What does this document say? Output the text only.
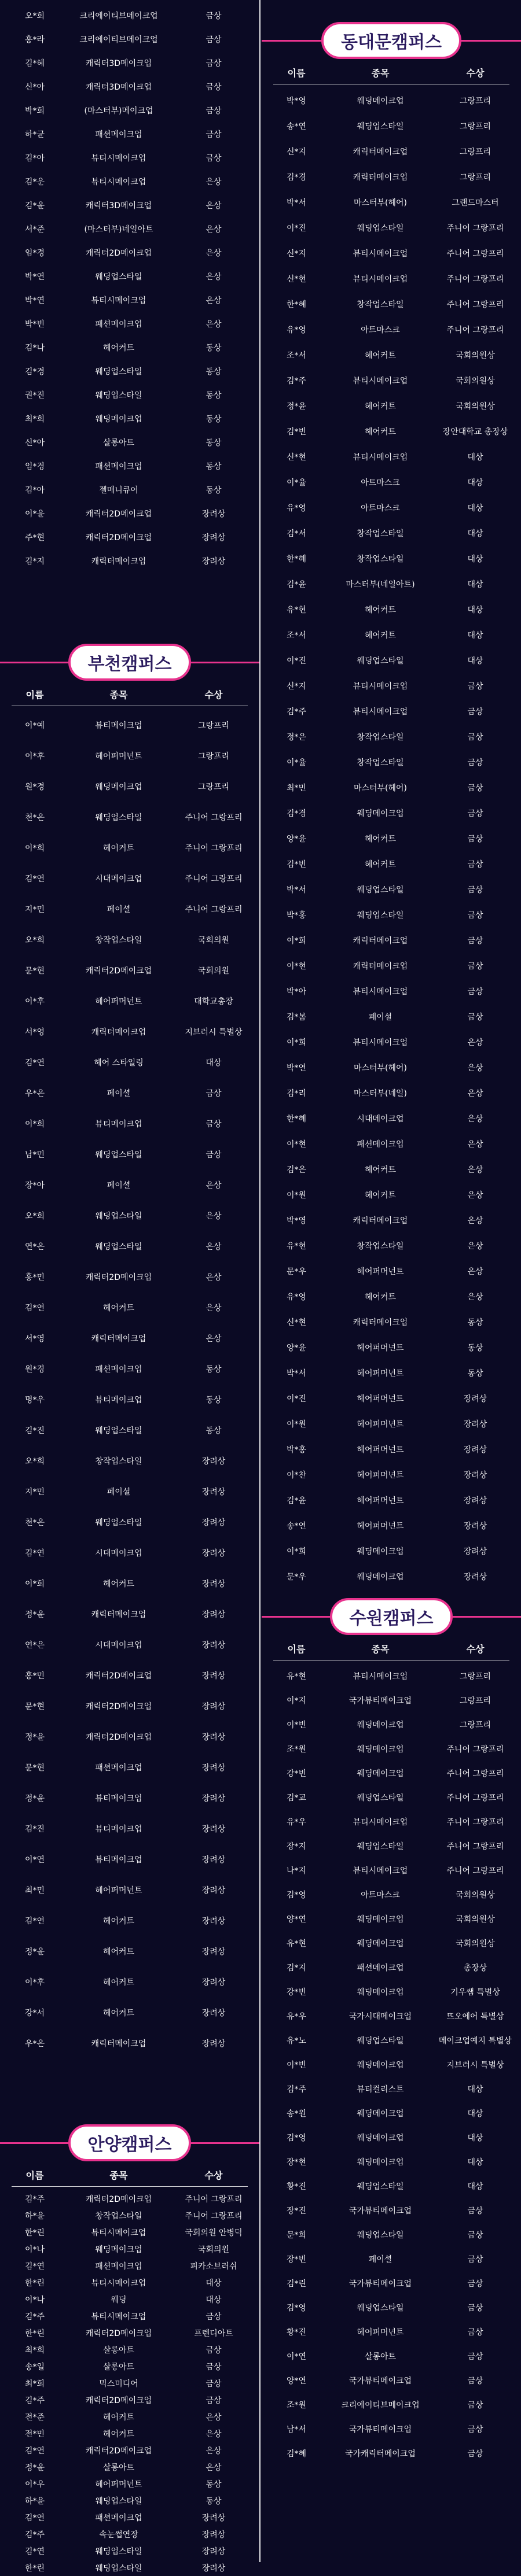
오*희	크리에이티브메이크업	금상
홍*라	크리에이티브메이크업	금상
김*혜	캐릭터3D메이크업	금상
신*아	캐릭터3D메이크업	금상
박*희	(마스터부)메이크업	금상
하*균	패션메이크업	금상
김*아	뷰티시메이크업	금상
김*운	뷰티시메이크업	은상
김*윤	캐릭터3D메이크업	은상
서*준	(마스터부)네일아트	은상
임*경	캐릭터2D메이크업	은상
박*연	웨딩업스타일	은상
박*연	뷰티시메이크업	은상
박*빈	패션메이크업	은상
김*나	헤어커트	동상
김*경	웨딩업스타일	동상
권*진	웨딩업스타일	동상
최*희	웨딩메이크업	동상
신*아	살롱아트	동상
임*경	패션메이크업	동상
김*아	젤매니큐어	동상
이*윤	캐릭터2D메이크업	장려상
주*현	캐릭터2D메이크업	장려상
김*지	캐릭터메이크업	장려상
부천캠퍼스
이름	종목	수상
이*예	뷰티메이크업	그랑프리
이*후	헤어퍼머넌트	그랑프리
원*경	웨딩메이크업	그랑프리
천*은	웨딩업스타일	주니어 그랑프리
이*희	헤어커트	주니어 그랑프리
김*연	시대메이크업	주니어 그랑프리
지*민	페이셜	주니어 그랑프리
오*희	창작업스타일	국회의원
문*현	캐릭터2D메이크업	국회의원
이*후	헤어퍼머넌트	대학교총장
서*영	캐릭터메이크업	지브러시 특별상
김*연	헤어 스타일링	대상
우*은	페이셜	금상
이*희	뷰티메이크업	금상
남*민	웨딩업스타일	금상
장*아	페이셜	은상
오*희	웨딩업스타일	은상
연*은	웨딩업스타일	은상
홍*민	캐릭터2D메이크업	은상
김*연	헤어커트	은상
서*영	캐릭터메이크업	은상
원*경	패션메이크업	동상
명*우	뷰티메이크업	동상
김*진	웨딩업스타일	동상
오*희	창작업스타일	장려상
지*민	페이셜	장려상
천*은	웨딩업스타일	장려상
김*연	시대메이크업	장려상
이*희	헤어커트	장려상
정*윤	캐릭터메이크업	장려상
연*은	시대메이크업	장려상
홍*민	캐릭터2D메이크업	장려상
문*현	캐릭터2D메이크업	장려상
정*윤	캐릭터2D메이크업	장려상
문*현	패션메이크업	장려상
정*윤	뷰티메이크업	장려상
김*진	뷰티메이크업	장려상
이*연	뷰티메이크업	장려상
최*민	헤어퍼머넌트	장려상
김*연	헤어커트	장려상
정*윤	헤어커트	장려상
이*후	헤어커트	장려상
강*서	헤어커트	장려상
우*은	캐릭터메이크업	장려상
안양캠퍼스
이름	종목	수상
김*주	캐릭터2D메이크업	주니어 그랑프리
하*윤	창작업스타일	주니어 그랑프리
한*린	뷰티시메이크업	국회의원 안병덕
이*나	웨딩메이크업	국회의원
김*연	패션메이크업	피카소브러쉬
한*린	뷰티시메이크업	대상
이*나	웨딩	대상
김*주	뷰티시메이크업	금상
한*린	캐릭터2D메이크업	프렌디아트
최*희	살롱아트	금상
송*일	살롱아트	금상
최*희	믹스미디어	금상
김*주	캐릭터2D메이크업	금상
전*준	헤어커트	은상
전*민	헤어커트	은상
김*연	캐릭터2D메이크업	은상
정*윤	살롱아트	은상
이*우	헤어퍼머넌트	동상
하*윤	웨딩업스타일	동상
김*연	패션메이크업	장려상
김*주	속눈썹연장	장려상
김*연	웨딩업스타일	장려상
한*린	웨딩업스타일	장려상
동대문캠퍼스
이름	종목	수상
박*영	웨딩메이크업	그랑프리
송*연	웨딩업스타일	그랑프리
신*지	캐릭터메이크업	그랑프리
김*경	캐릭터메이크업	그랑프리
박*서	마스터부(헤어)	그랜드마스터
이*진	웨딩업스타일	주니어 그랑프리
신*지	뷰티시메이크업	주니어 그랑프리
신*현	뷰티시메이크업	주니어 그랑프리
한*혜	창작업스타일	주니어 그랑프리
유*영	아트마스크	주니어 그랑프리
조*서	헤어커트	국회의원상
김*주	뷰티시메이크업	국회의원상
정*윤	헤어커트	국회의원상
김*빈	헤어커트	장안대학교 총장상
신*현	뷰티시메이크업	대상
이*율	아트마스크	대상
유*영	아트마스크	대상
김*서	창작업스타일	대상
한*혜	창작업스타일	대상
김*윤	마스터부(네일아트)	대상
유*현	헤어커트	대상
조*서	헤어커트	대상
이*진	웨딩업스타일	대상
신*지	뷰티시메이크업	금상
김*주	뷰티시메이크업	금상
정*은	창작업스타일	금상
이*율	창작업스타일	금상
최*민	마스터부(헤어)	금상
김*경	웨딩메이크업	금상
양*윤	헤어커트	금상
김*빈	헤어커트	금상
박*서	웨딩업스타일	금상
박*홍	웨딩업스타일	금상
이*희	캐릭터메이크업	금상
이*현	캐릭터메이크업	금상
박*아	뷰티시메이크업	금상
김*봄	페이셜	금상
이*희	뷰티시메이크업	은상
박*연	마스터부(헤어)	은상
김*리	마스터부(네일)	은상
한*혜	시대메이크업	은상
이*현	패션메이크업	은상
김*은	헤어커트	은상
이*원	헤어커트	은상
박*영	캐릭터메이크업	은상
유*현	창작업스타일	은상
문*우	헤어퍼머넌트	은상
유*영	헤어커트	은상
신*현	캐릭터메이크업	동상
양*윤	헤어퍼머넌트	동상
박*서	헤어퍼머넌트	동상
이*진	헤어퍼머넌트	장려상
이*원	헤어퍼머넌트	장려상
박*홍	헤어퍼머넌트	장려상
이*찬	헤어퍼머넌트	장려상
김*윤	헤어퍼머넌트	장려상
송*연	헤어퍼머넌트	장려상
이*희	웨딩메이크업	장려상
문*우	웨딩메이크업	장려상
수원캠퍼스
이름	종목	수상
유*현	뷰티시메이크업	그랑프리
이*지	국가뷰티메이크업	그랑프리
이*빈	웨딩메이크업	그랑프리
조*원	웨딩메이크업	주니어 그랑프리
강*빈	웨딩메이크업	주니어 그랑프리
김*교	웨딩업스타일	주니어 그랑프리
유*우	뷰티시메이크업	주니어 그랑프리
장*지	웨딩업스타일	주니어 그랑프리
나*지	뷰티시메이크업	주니어 그랑프리
김*영	아트마스크	국회의원상
양*연	웨딩메이크업	국회의원상
유*현	웨딩메이크업	국회의원상
김*지	패션메이크업	총장상
강*빈	웨딩메이크업	기우쌤 특별상
유*우	국가시대메이크업	뜨오에어 특별상
유*노	웨딩업스타일	메이크업예지 특별상
이*빈	웨딩메이크업	지브러시 특별상
김*주	뷰티컬리스트	대상
송*원	웨딩메이크업	대상
김*영	웨딩메이크업	대상
장*현	웨딩메이크업	대상
황*진	웨딩업스타일	대상
장*진	국가뷰티메이크업	금상
문*희	웨딩업스타일	금상
장*빈	페이셜	금상
김*린	국가뷰티메이크업	금상
김*영	웨딩업스타일	금상
황*진	헤어퍼머넌트	금상
이*연	살롱아트	금상
양*연	국가뷰티메이크업	금상
조*원	크리에이티브메이크업	금상
남*서	국가뷰티메이크업	금상
김*혜	국가캐릭터메이크업	금상
